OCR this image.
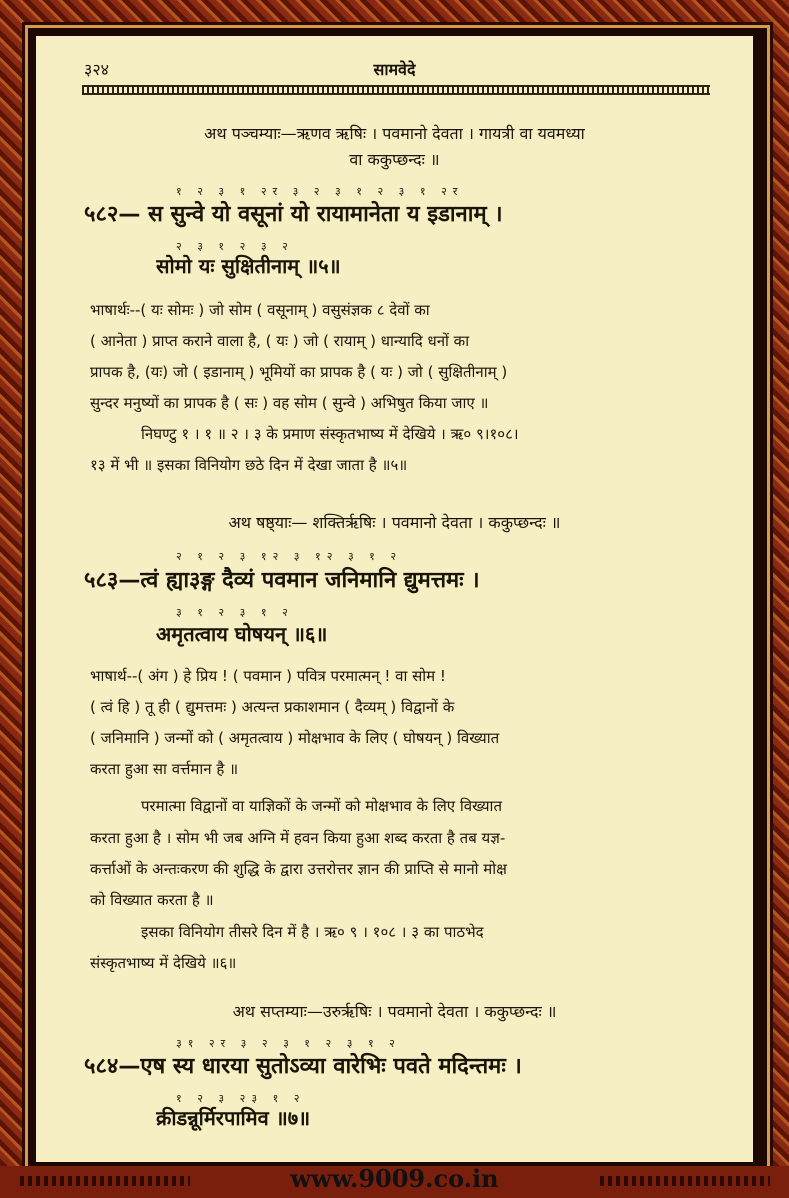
३२४	सामवेदे
अथ पञ्चम्याः—ऋणव ऋषिः । पवमानो देवता । गायत्री वा यवमध्या
वा ककुप्छन्दः ॥
१ २ ३ १ २र ३ २ ३ १ २ ३ १ २र
५८२— स सुन्वे यो वसूनां यो रायामानेता य इडानाम् ।
२ ३ १ २ ३ २
सोमो यः सुक्षितीनाम् ॥५॥
भाषार्थः--( यः सोमः ) जो सोम ( वसूनाम् ) वसुसंज्ञक ८ देवों का
( आनेता ) प्राप्त कराने वाला है, ( यः ) जो ( रायाम् ) धान्यादि धनों का
प्रापक है, (यः) जो ( इडानाम् ) भूमियों का प्रापक है ( यः ) जो ( सुक्षितीनाम् )
सुन्दर मनुष्यों का प्रापक है ( सः ) वह सोम ( सुन्वे ) अभिषुत किया जाए ॥
निघण्टु १ । १ ॥ २ । ३ के प्रमाण संस्कृतभाष्य में देखिये । ऋ० ९।१०८।
१३ में भी ॥ इसका विनियोग छठे दिन में देखा जाता है ॥५॥
अथ षष्ठ्याः— शक्तिर्ऋषिः । पवमानो देवता । ककुप्छन्दः ॥
२ १ २ ३ १२ ३ १२ ३ १ २
५८३—त्वं ह्या३ङ्ग दैव्यं पवमान जनिमानि द्युमत्तमः ।
३ १ २ ३ १ २
अमृतत्वाय घोषयन् ॥६॥
भाषार्थ--( अंग ) हे प्रिय ! ( पवमान ) पवित्र परमात्मन् ! वा सोम !
( त्वं हि ) तू ही ( द्युमत्तमः ) अत्यन्त प्रकाशमान ( दैव्यम् ) विद्वानों के
( जनिमानि ) जन्मों को ( अमृतत्वाय ) मोक्षभाव के लिए ( घोषयन् ) विख्यात
करता हुआ सा वर्त्तमान है ॥
परमात्मा विद्वानों वा याज्ञिकों के जन्मों को मोक्षभाव के लिए विख्यात
करता हुआ है । सोम भी जब अग्नि में हवन किया हुआ शब्द करता है तब यज्ञ-
कर्त्ताओं के अन्तःकरण की शुद्धि के द्वारा उत्तरोत्तर ज्ञान की प्राप्ति से मानो मोक्ष
को विख्यात करता है ॥
इसका विनियोग तीसरे दिन में है । ऋ० ९ । १०८ । ३ का पाठभेद
संस्कृतभाष्य में देखिये ॥६॥
अथ सप्तम्याः—उरुर्ऋषिः । पवमानो देवता । ककुप्छन्दः ॥
३१ २र ३ २ ३ १ २ ३ १ २
५८४—एष स्य धारया सुतोऽव्या वारेभिः पवते मदिन्तमः ।
१ २ ३ २३ १ २
क्रीडन्नूर्मिरपामिव ॥७॥
www.9009.co.in
